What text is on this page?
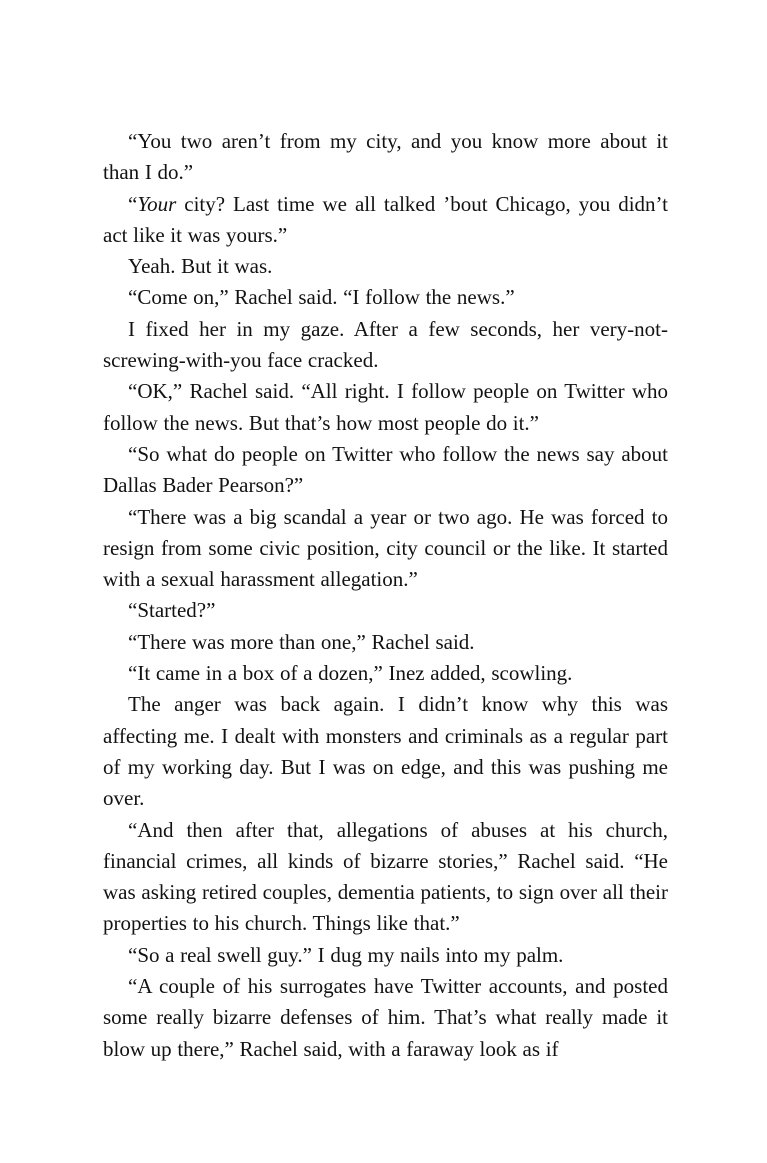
“You two aren’t from my city, and you know more about it than I do.”

“Your city? Last time we all talked ’bout Chicago, you didn’t act like it was yours.”

Yeah. But it was.

“Come on,” Rachel said. “I follow the news.”

I fixed her in my gaze. After a few seconds, her very-not-screwing-with-you face cracked.

“OK,” Rachel said. “All right. I follow people on Twitter who follow the news. But that’s how most people do it.”

“So what do people on Twitter who follow the news say about Dallas Bader Pearson?”

“There was a big scandal a year or two ago. He was forced to resign from some civic position, city council or the like. It started with a sexual harassment allegation.”

“Started?”

“There was more than one,” Rachel said.

“It came in a box of a dozen,” Inez added, scowling.

The anger was back again. I didn’t know why this was affecting me. I dealt with monsters and criminals as a regular part of my working day. But I was on edge, and this was pushing me over.

“And then after that, allegations of abuses at his church, financial crimes, all kinds of bizarre stories,” Rachel said. “He was asking retired couples, dementia patients, to sign over all their properties to his church. Things like that.”

“So a real swell guy.” I dug my nails into my palm.

“A couple of his surrogates have Twitter accounts, and posted some really bizarre defenses of him. That’s what really made it blow up there,” Rachel said, with a faraway look as if
